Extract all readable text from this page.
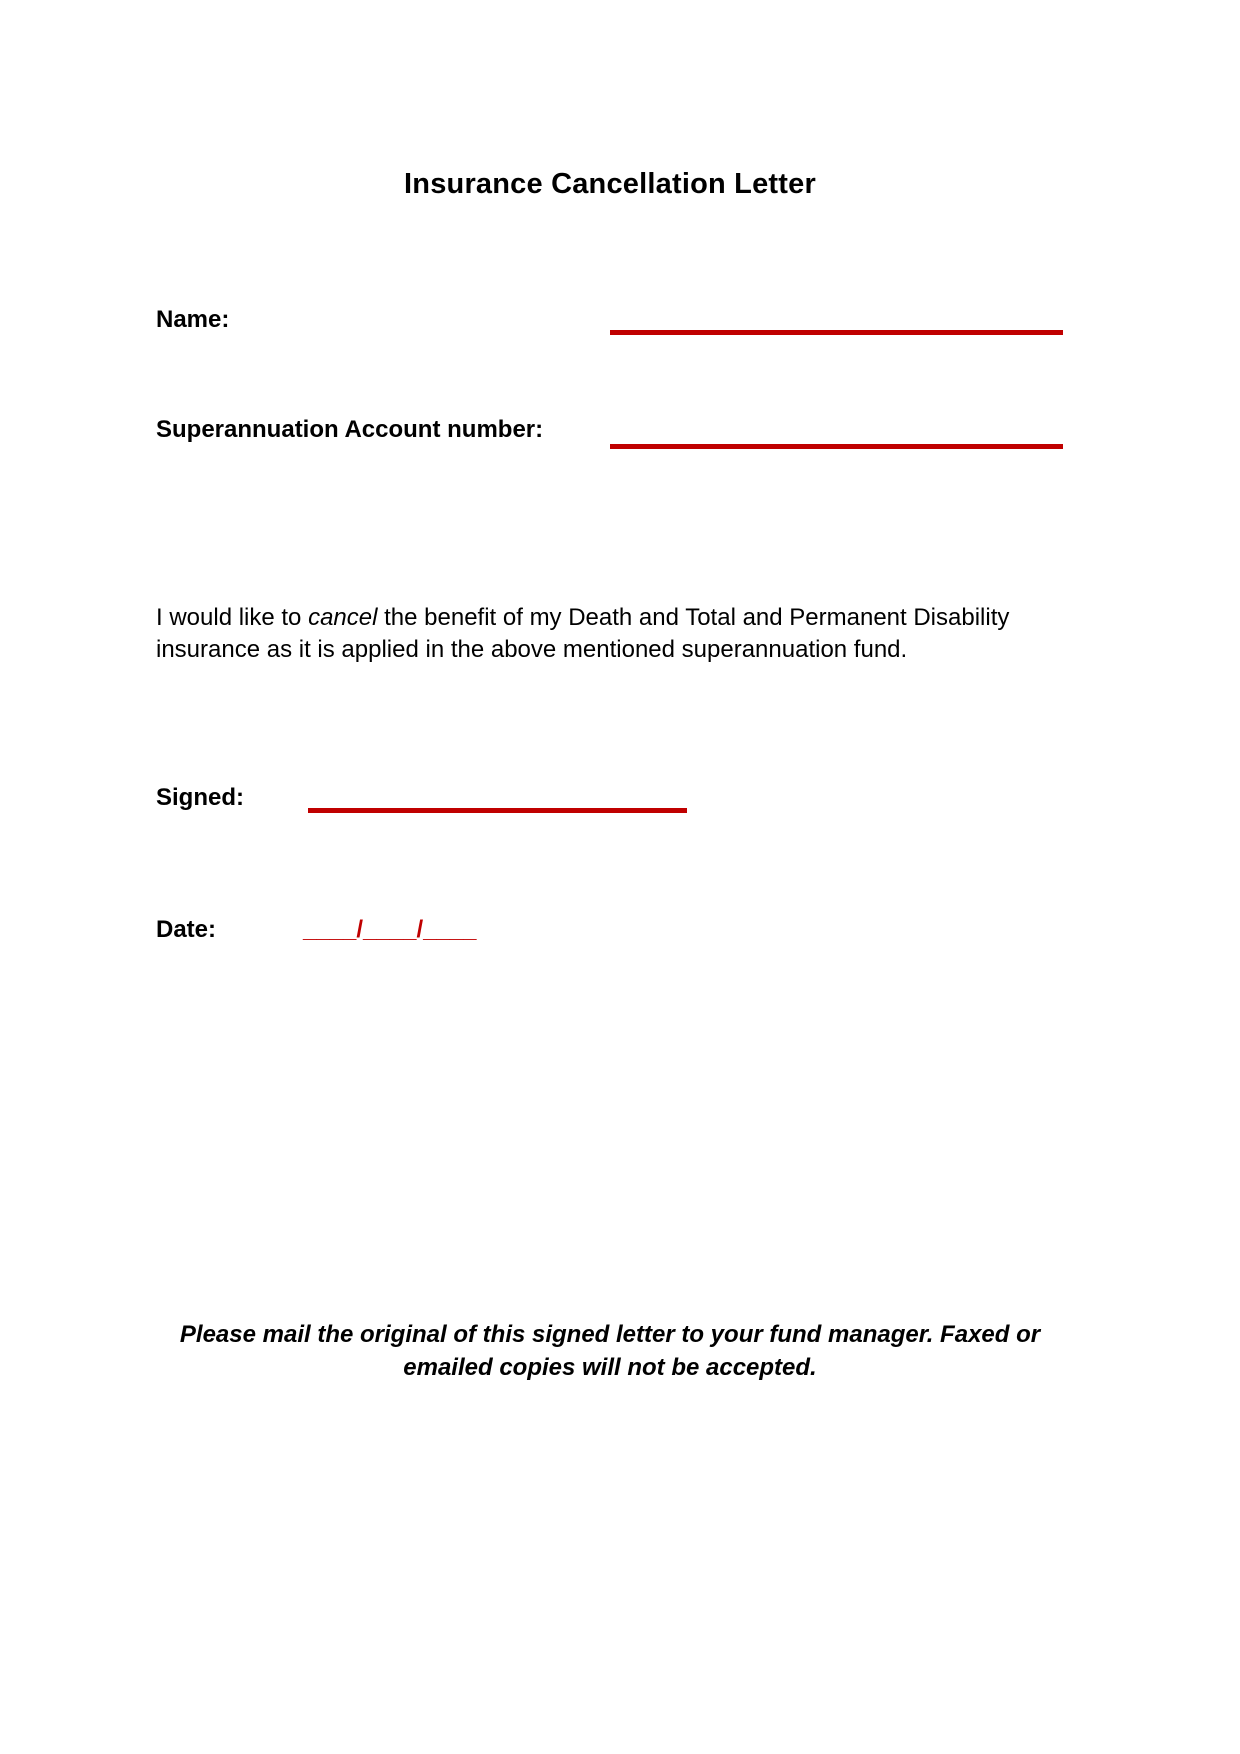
Insurance Cancellation Letter
Name:
Superannuation Account number:
I would like to cancel the benefit of my Death and Total and Permanent Disability
insurance as it is applied in the above mentioned superannuation fund.
Signed:
Date:	____/____/____
Please mail the original of this signed letter to your fund manager. Faxed or
emailed copies will not be accepted.
